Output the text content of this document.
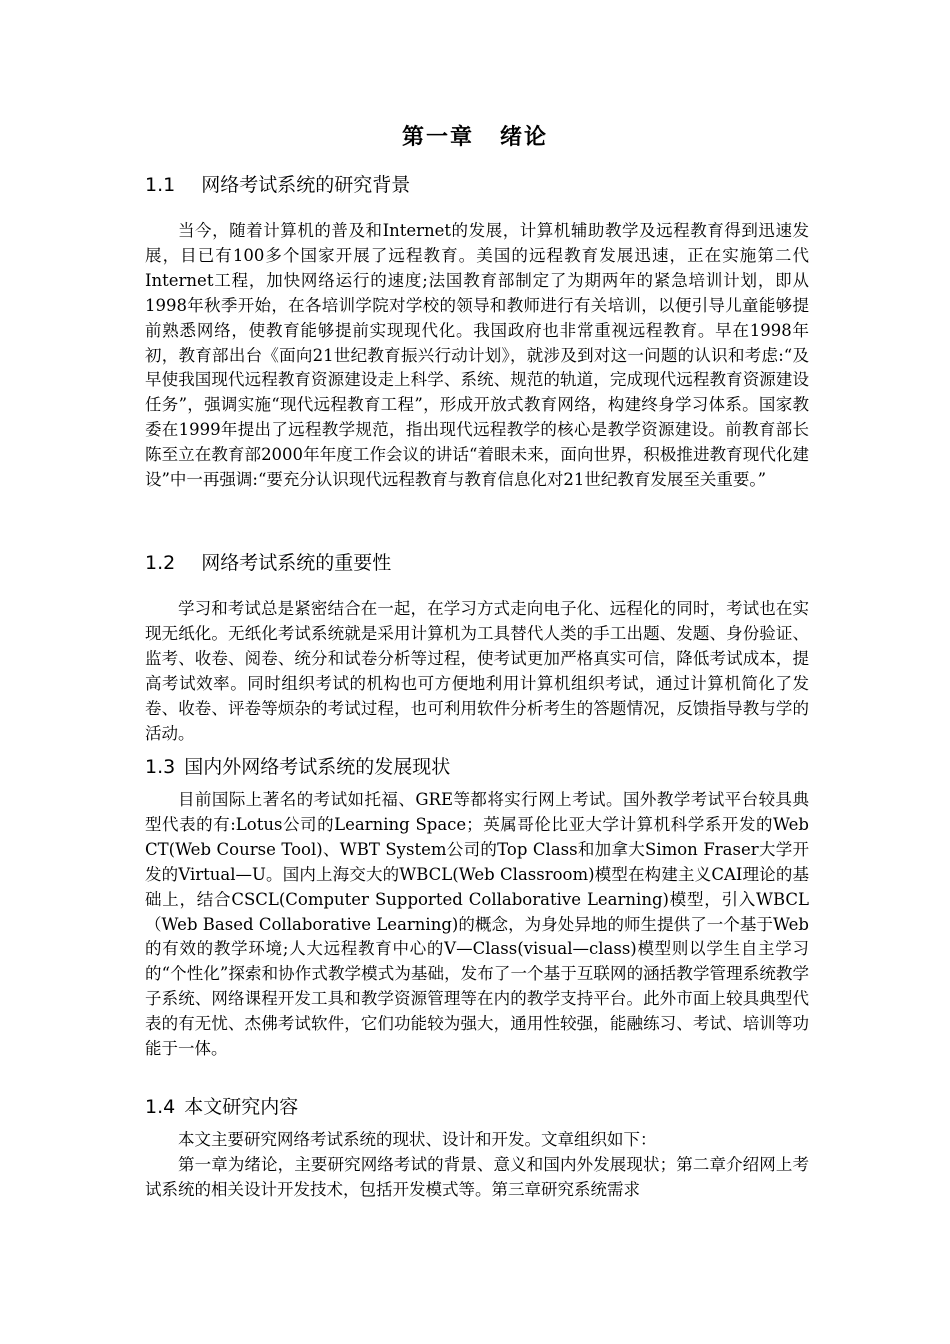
第一章 绪论
1.1 网络考试系统的研究背景

当今，随着计算机的普及和Internet的发展，计算机辅助教学及远程教育得到迅速发展，目已有100多个国家开展了远程教育。美国的远程教育发展迅速，正在实施第二代Internet工程，加快网络运行的速度;法国教育部制定了为期两年的紧急培训计划，即从1998年秋季开始，在各培训学院对学校的领导和教师进行有关培训，以便引导儿童能够提前熟悉网络，使教育能够提前实现现代化。我国政府也非常重视远程教育。早在1998年初，教育部出台《面向21世纪教育振兴行动计划》，就涉及到对这一问题的认识和考虑:“及早使我国现代远程教育资源建设走上科学、系统、规范的轨道，完成现代远程教育资源建设任务”，强调实施“现代远程教育工程”，形成开放式教育网络，构建终身学习体系。国家教委在1999年提出了远程教学规范，指出现代远程教学的核心是教学资源建设。前教育部长陈至立在教育部2000年年度工作会议的讲话“着眼未来，面向世界，积极推进教育现代化建设”中一再强调:“要充分认识现代远程教育与教育信息化对21世纪教育发展至关重要。”

1.2 网络考试系统的重要性

学习和考试总是紧密结合在一起，在学习方式走向电子化、远程化的同时，考试也在实现无纸化。无纸化考试系统就是采用计算机为工具替代人类的手工出题、发题、身份验证、监考、收卷、阅卷、统分和试卷分析等过程，使考试更加严格真实可信，降低考试成本，提高考试效率。同时组织考试的机构也可方便地利用计算机组织考试，通过计算机简化了发卷、收卷、评卷等烦杂的考试过程，也可利用软件分析考生的答题情况，反馈指导教与学的活动。

1.3 国内外网络考试系统的发展现状

目前国际上著名的考试如托福、GRE等都将实行网上考试。国外教学考试平台较具典型代表的有:Lotus公司的Learning Space；英属哥伦比亚大学计算机科学系开发的Web CT(Web Course Tool)、WBT System公司的Top Class和加拿大Simon Fraser大学开发的Virtual—U。国内上海交大的WBCL(Web Classroom)模型在构建主义CAI理论的基础上，结合CSCL(Computer Supported Collaborative Learning)模型，引入WBCL（Web Based Collaborative Learning)的概念，为身处异地的师生提供了一个基于Web的有效的教学环境;人大远程教育中心的V—Class(visual—class)模型则以学生自主学习的“个性化”探索和协作式教学模式为基础，发布了一个基于互联网的涵括教学管理系统教学子系统、网络课程开发工具和教学资源管理等在内的教学支持平台。此外市面上较具典型代表的有无忧、杰佛考试软件，它们功能较为强大，通用性较强，能融练习、考试、培训等功能于一体。

1.4 本文研究内容

本文主要研究网络考试系统的现状、设计和开发。文章组织如下：

第一章为绪论，主要研究网络考试的背景、意义和国内外发展现状；第二章介绍网上考试系统的相关设计开发技术，包括开发模式等。第三章研究系统需求
